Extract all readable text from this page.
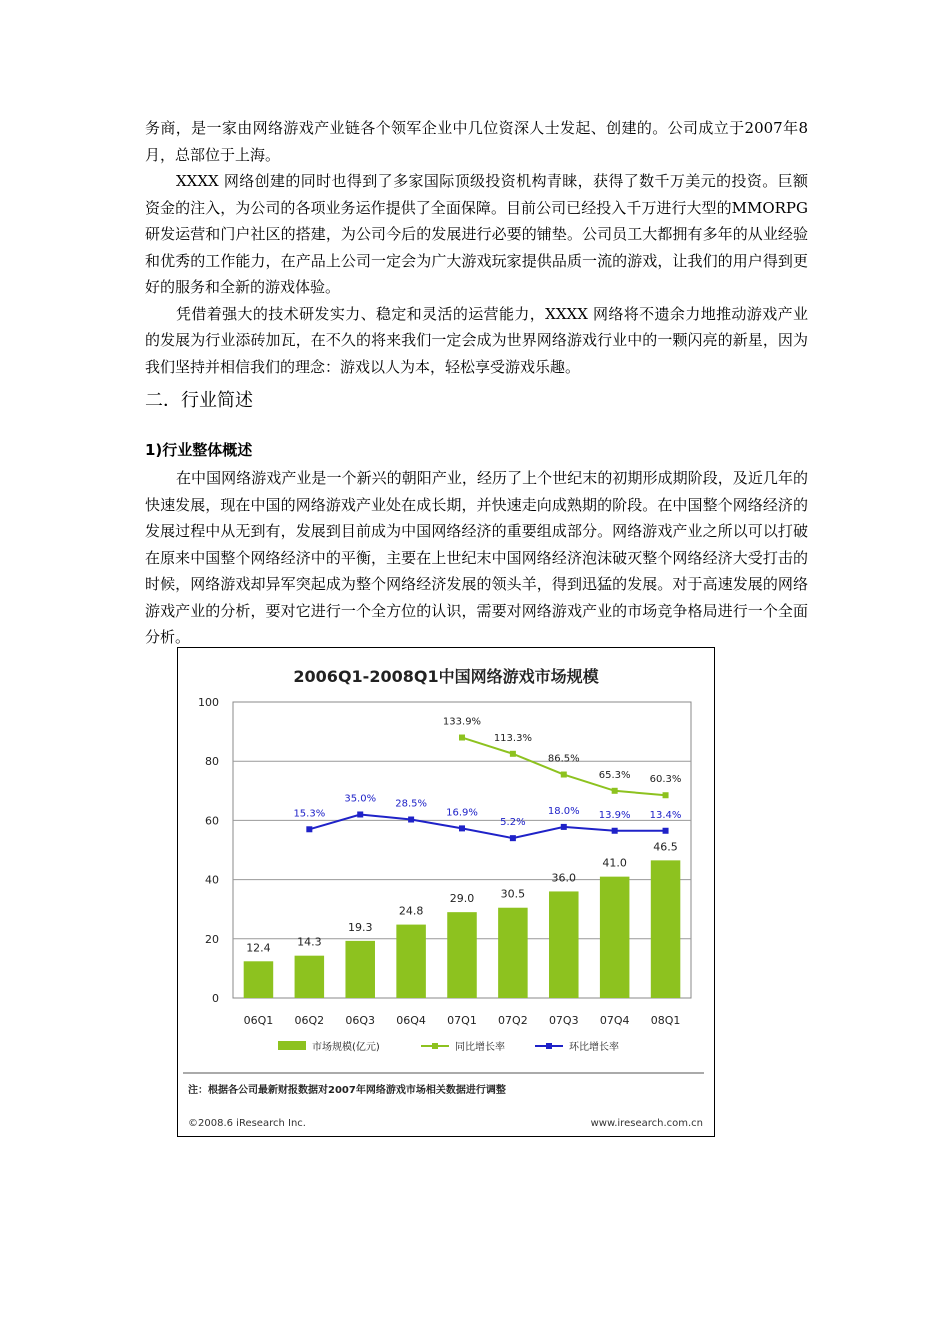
务商，是一家由网络游戏产业链各个领军企业中几位资深人士发起、创建的。公司成立于2007年8月，总部位于上海。

XXXX 网络创建的同时也得到了多家国际顶级投资机构青睐，获得了数千万美元的投资。巨额资金的注入，为公司的各项业务运作提供了全面保障。目前公司已经投入千万进行大型的MMORPG研发运营和门户社区的搭建，为公司今后的发展进行必要的铺垫。公司员工大都拥有多年的从业经验和优秀的工作能力，在产品上公司一定会为广大游戏玩家提供品质一流的游戏，让我们的用户得到更好的服务和全新的游戏体验。

凭借着强大的技术研发实力、稳定和灵活的运营能力，XXXX 网络将不遗余力地推动游戏产业的发展为行业添砖加瓦，在不久的将来我们一定会成为世界网络游戏行业中的一颗闪亮的新星，因为我们坚持并相信我们的理念：游戏以人为本，轻松享受游戏乐趣。

二．行业简述
1)行业整体概述

在中国网络游戏产业是一个新兴的朝阳产业，经历了上个世纪末的初期形成期阶段，及近几年的快速发展，现在中国的网络游戏产业处在成长期，并快速走向成熟期的阶段。在中国整个网络经济的发展过程中从无到有，发展到目前成为中国网络经济的重要组成部分。网络游戏产业之所以可以打破在原来中国整个网络经济中的平衡，主要在上世纪末中国网络经济泡沫破灭整个网络经济大受打击的时候，网络游戏却异军突起成为整个网络经济发展的领头羊，得到迅猛的发展。对于高速发展的网络游戏产业的分析，要对它进行一个全方位的认识，需要对网络游戏产业的市场竞争格局进行一个全面分析。

2006Q1-2008Q1中国网络游戏市场规模
0
20
40
60
80
100
12.4 14.3
19.3
24.8
29.0 30.5
36.0
41.0
46.5
06Q1 06Q2 06Q3 06Q4 07Q1 07Q2 07Q3 07Q4 08Q1
133.9%
113.3%
86.5%
65.3% 60.3%
15.3%
35.0% 28.5%
16.9%
5.2%
18.0% 13.9% 13.4%
市场规模(亿元)	同比增长率	环比增长率
注：根据各公司最新财报数据对2007年网络游戏市场相关数据进行调整
©2008.6 iResearch Inc.	www.iresearch.com.cn
